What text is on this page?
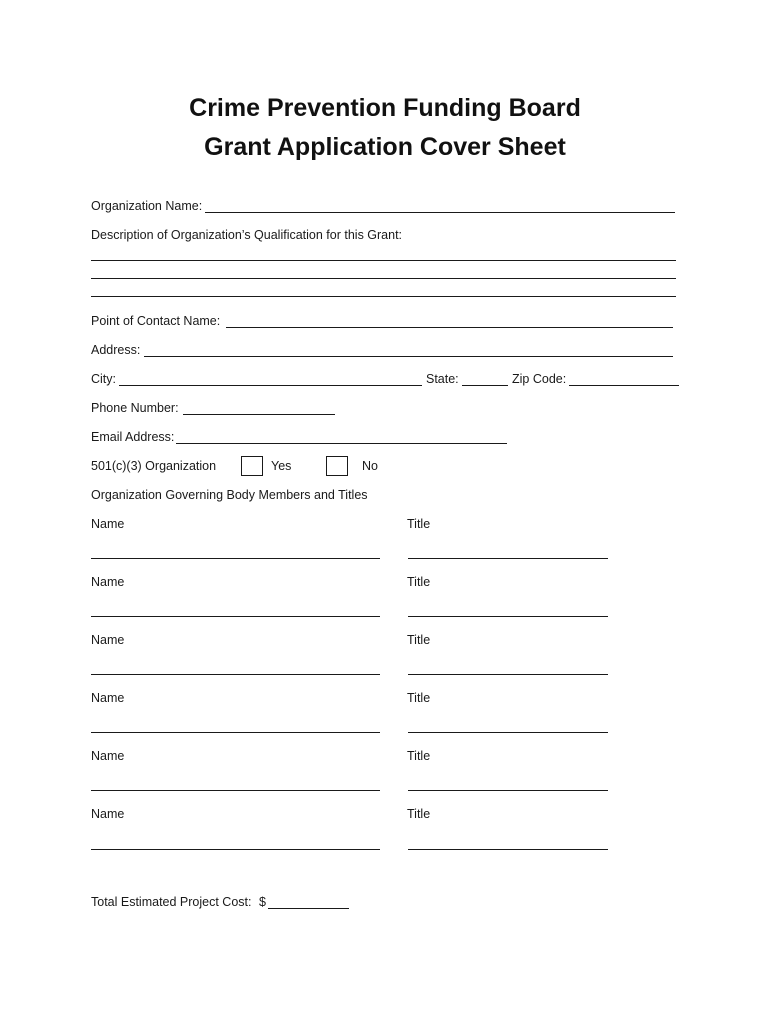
Crime Prevention Funding Board
Grant Application Cover Sheet
Organization Name:
Description of Organization’s Qualification for this Grant:
Point of Contact Name:
Address:
City:	State:	Zip Code:
Phone Number:
Email Address:
501(c)(3) Organization	Yes	No
Organization Governing Body Members and Titles
Name	Title
Name	Title
Name	Title
Name	Title
Name	Title
Name	Title
Total Estimated Project Cost: $
